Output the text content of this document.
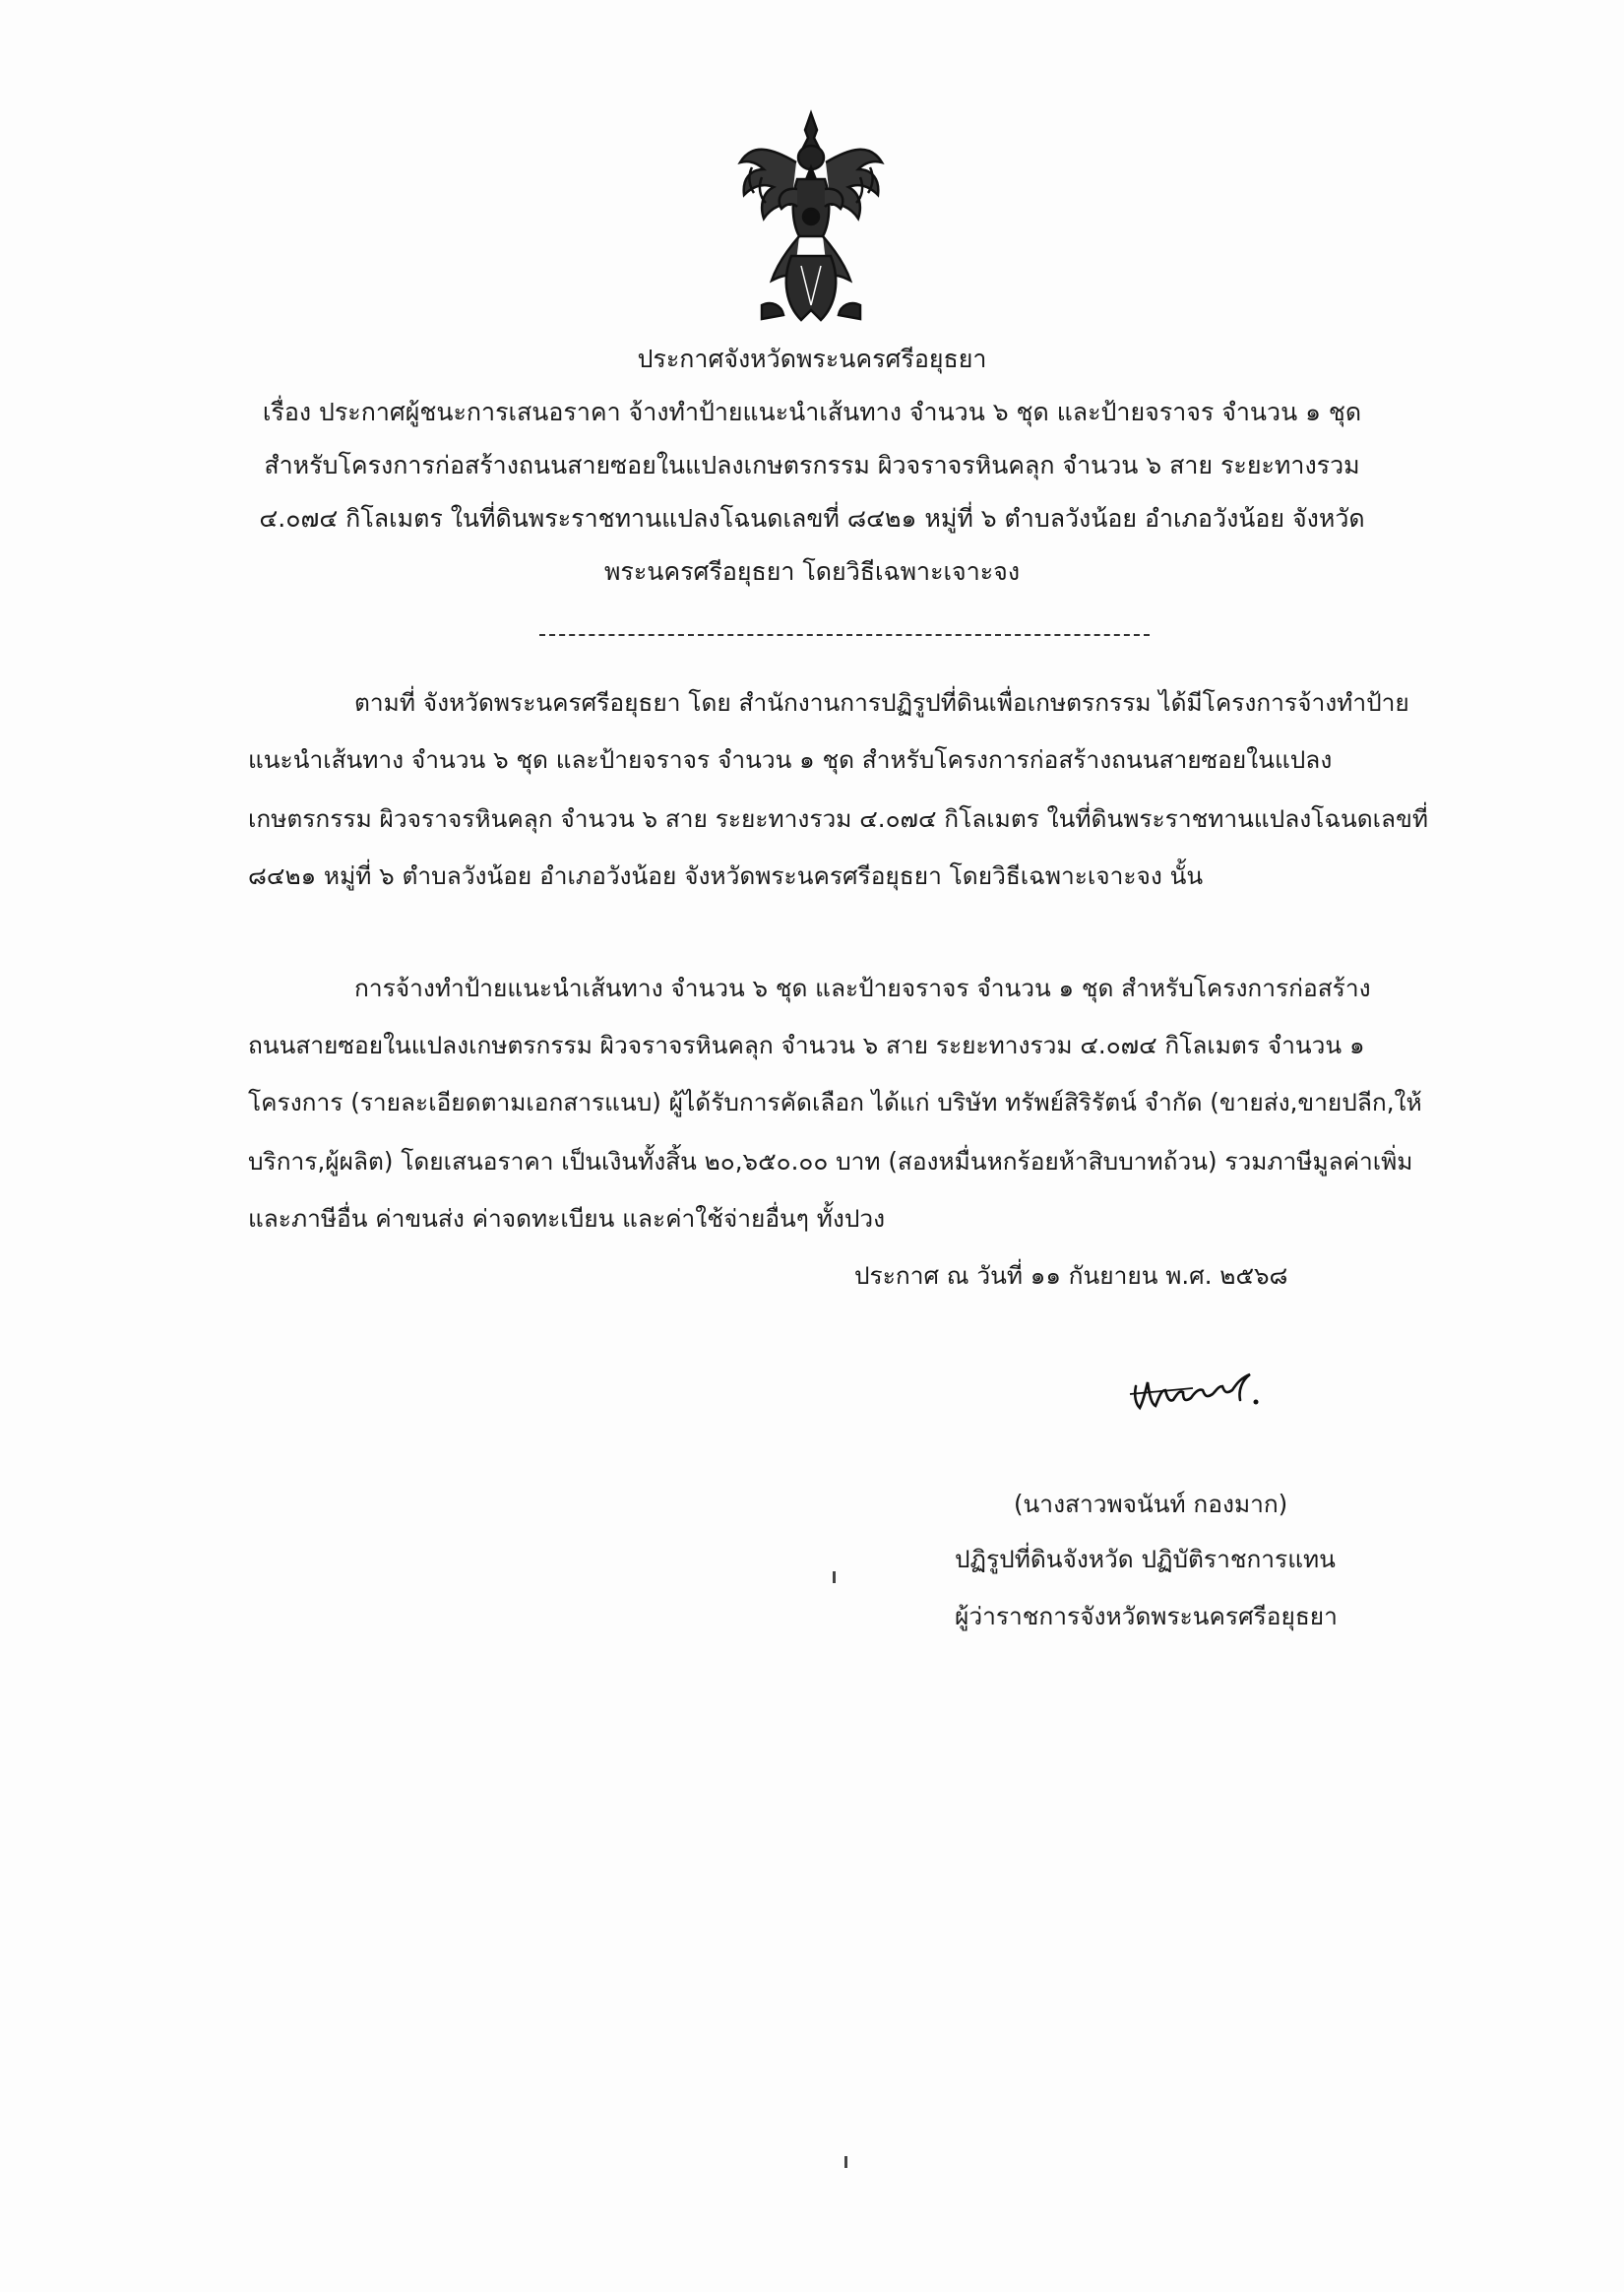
ประกาศจังหวัดพระนครศรีอยุธยา
เรื่อง ประกาศผู้ชนะการเสนอราคา จ้างทำป้ายแนะนำเส้นทาง จำนวน ๖ ชุด และป้ายจราจร จำนวน ๑ ชุด
สำหรับโครงการก่อสร้างถนนสายซอยในแปลงเกษตรกรรม ผิวจราจรหินคลุก จำนวน ๖ สาย ระยะทางรวม
๔.๐๗๔ กิโลเมตร ในที่ดินพระราชทานแปลงโฉนดเลขที่ ๘๔๒๑ หมู่ที่ ๖ ตำบลวังน้อย อำเภอวังน้อย จังหวัด
พระนครศรีอยุธยา โดยวิธีเฉพาะเจาะจง
ตามที่ จังหวัดพระนครศรีอยุธยา โดย สำนักงานการปฏิรูปที่ดินเพื่อเกษตรกรรม ได้มีโครงการจ้างทำป้าย
แนะนำเส้นทาง จำนวน ๖ ชุด และป้ายจราจร จำนวน ๑ ชุด สำหรับโครงการก่อสร้างถนนสายซอยในแปลง
เกษตรกรรม ผิวจราจรหินคลุก จำนวน ๖ สาย ระยะทางรวม ๔.๐๗๔ กิโลเมตร ในที่ดินพระราชทานแปลงโฉนดเลขที่
๘๔๒๑ หมู่ที่ ๖ ตำบลวังน้อย อำเภอวังน้อย จังหวัดพระนครศรีอยุธยา โดยวิธีเฉพาะเจาะจง นั้น
การจ้างทำป้ายแนะนำเส้นทาง จำนวน ๖ ชุด และป้ายจราจร จำนวน ๑ ชุด สำหรับโครงการก่อสร้าง
ถนนสายซอยในแปลงเกษตรกรรม ผิวจราจรหินคลุก จำนวน ๖ สาย ระยะทางรวม ๔.๐๗๔ กิโลเมตร จำนวน ๑
โครงการ (รายละเอียดตามเอกสารแนบ) ผู้ได้รับการคัดเลือก ได้แก่ บริษัท ทรัพย์สิริรัตน์ จำกัด (ขายส่ง,ขายปลีก,ให้
บริการ,ผู้ผลิต) โดยเสนอราคา เป็นเงินทั้งสิ้น ๒๐,๖๕๐.๐๐ บาท (สองหมื่นหกร้อยห้าสิบบาทถ้วน) รวมภาษีมูลค่าเพิ่ม
และภาษีอื่น ค่าขนส่ง ค่าจดทะเบียน และค่าใช้จ่ายอื่นๆ ทั้งปวง
ประกาศ ณ วันที่ ๑๑ กันยายน พ.ศ. ๒๕๖๘
(นางสาวพจนันท์ กองมาก)
ปฏิรูปที่ดินจังหวัด ปฏิบัติราชการแทน
ผู้ว่าราชการจังหวัดพระนครศรีอยุธยา
